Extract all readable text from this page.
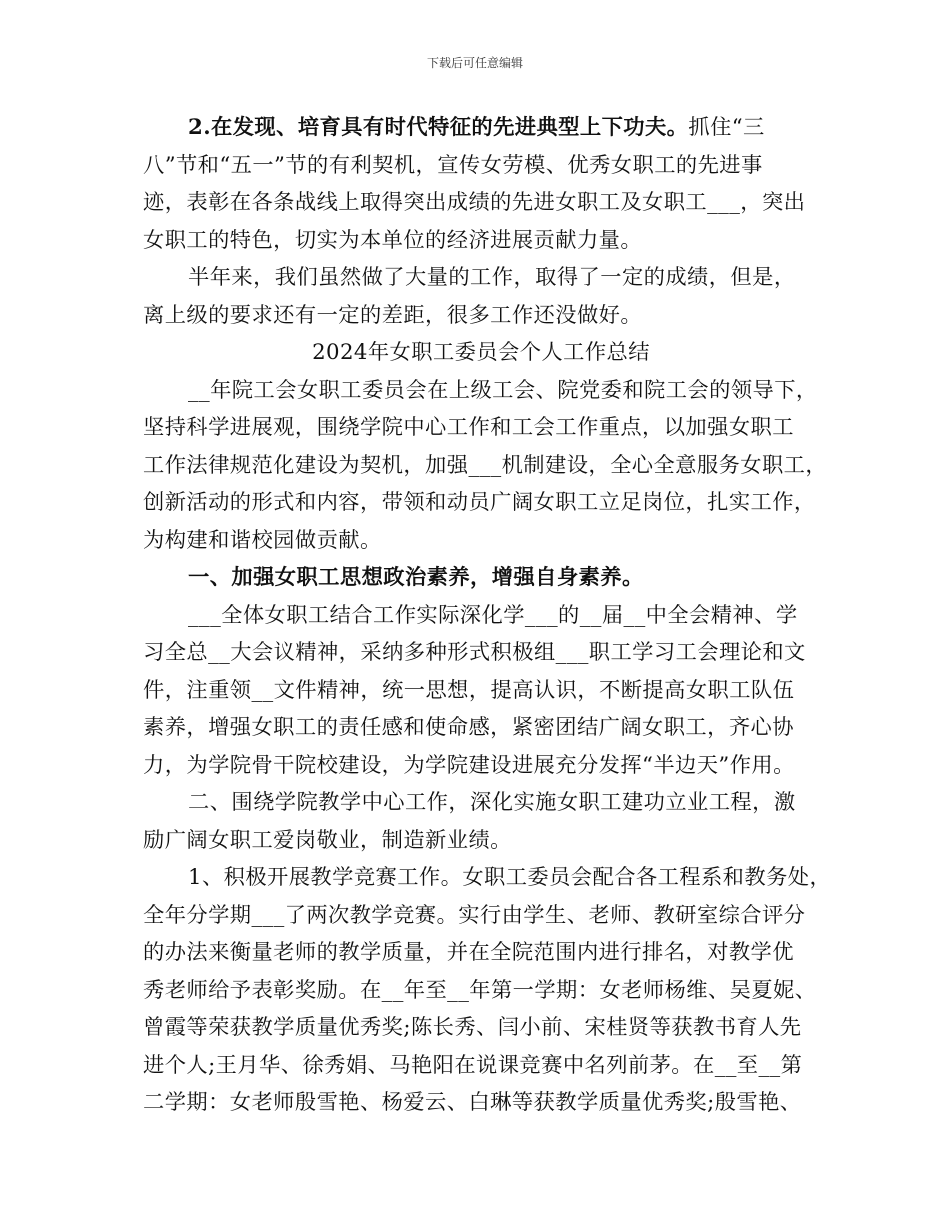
下载后可任意编辑
2.在发现、培育具有时代特征的先进典型上下功夫。抓住“三
八”节和“五一”节的有利契机，宣传女劳模、优秀女职工的先进事
迹，表彰在各条战线上取得突出成绩的先进女职工及女职工___，突出
女职工的特色，切实为本单位的经济进展贡献力量。
半年来，我们虽然做了大量的工作，取得了一定的成绩，但是，
离上级的要求还有一定的差距，很多工作还没做好。
2024年女职工委员会个人工作总结
__年院工会女职工委员会在上级工会、院党委和院工会的领导下，
坚持科学进展观，围绕学院中心工作和工会工作重点，以加强女职工
工作法律规范化建设为契机，加强___机制建设，全心全意服务女职工，
创新活动的形式和内容，带领和动员广阔女职工立足岗位，扎实工作，
为构建和谐校园做贡献。
一、加强女职工思想政治素养，增强自身素养。
___全体女职工结合工作实际深化学___的__届__中全会精神、学
习全总__大会议精神，采纳多种形式积极组___职工学习工会理论和文
件，注重领__文件精神，统一思想，提高认识，不断提高女职工队伍
素养，增强女职工的责任感和使命感，紧密团结广阔女职工，齐心协
力，为学院骨干院校建设，为学院建设进展充分发挥“半边天”作用。
二、围绕学院教学中心工作，深化实施女职工建功立业工程，激
励广阔女职工爱岗敬业，制造新业绩。
1、积极开展教学竞赛工作。女职工委员会配合各工程系和教务处，
全年分学期___了两次教学竞赛。实行由学生、老师、教研室综合评分
的办法来衡量老师的教学质量，并在全院范围内进行排名，对教学优
秀老师给予表彰奖励。在__年至__年第一学期：女老师杨维、吴夏妮、
曾霞等荣获教学质量优秀奖;陈长秀、闫小前、宋桂贤等获教书育人先
进个人;王月华、徐秀娟、马艳阳在说课竞赛中名列前茅。在__至__第
二学期：女老师殷雪艳、杨爱云、白琳等获教学质量优秀奖;殷雪艳、
